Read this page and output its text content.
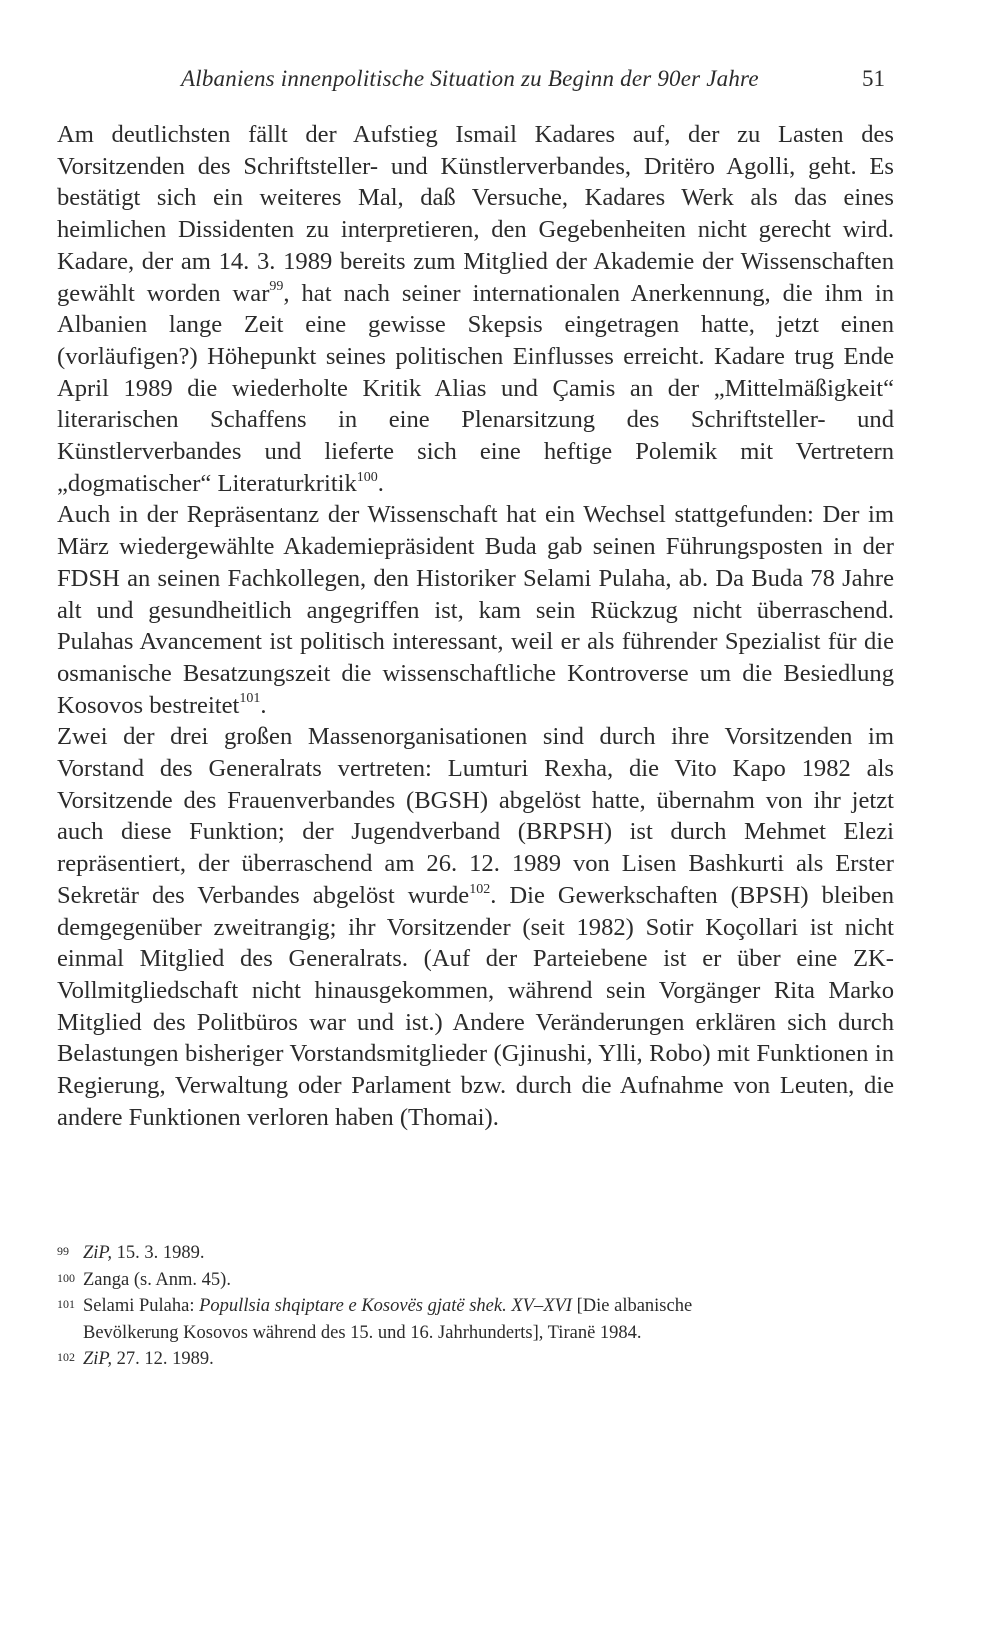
Albaniens innenpolitische Situation zu Beginn der 90er Jahre	51

Am deutlichsten fällt der Aufstieg Ismail Kadares auf, der zu Lasten des Vorsitzenden des Schriftsteller- und Künstlerverbandes, Dritëro Agolli, geht. Es bestätigt sich ein weiteres Mal, daß Versuche, Kadares Werk als das eines heimlichen Dissidenten zu interpretieren, den Gegebenheiten nicht gerecht wird. Kadare, der am 14. 3. 1989 bereits zum Mitglied der Akademie der Wissenschaften gewählt worden war$^{99}$, hat nach seiner internationalen Anerkennung, die ihm in Albanien lange Zeit eine gewisse Skepsis eingetragen hatte, jetzt einen (vorläufigen?) Höhepunkt seines politischen Einflusses erreicht. Kadare trug Ende April 1989 die wiederholte Kritik Alias und Çamis an der „Mittelmäßigkeit“ literarischen Schaffens in eine Plenarsitzung des Schriftsteller- und Künstlerverbandes und lieferte sich eine heftige Polemik mit Vertretern „dogmatischer“ Literaturkritik$^{100}$.

Auch in der Repräsentanz der Wissenschaft hat ein Wechsel stattgefunden: Der im März wiedergewählte Akademiepräsident Buda gab seinen Führungsposten in der FDSH an seinen Fachkollegen, den Historiker Selami Pulaha, ab. Da Buda 78 Jahre alt und gesundheitlich angegriffen ist, kam sein Rückzug nicht überraschend. Pulahas Avancement ist politisch interessant, weil er als führender Spezialist für die osmanische Besatzungszeit die wissenschaftliche Kontroverse um die Besiedlung Kosovos bestreitet$^{101}$.

Zwei der drei großen Massenorganisationen sind durch ihre Vorsitzenden im Vorstand des Generalrats vertreten: Lumturi Rexha, die Vito Kapo 1982 als Vorsitzende des Frauenverbandes (BGSH) abgelöst hatte, übernahm von ihr jetzt auch diese Funktion; der Jugendverband (BRPSH) ist durch Mehmet Elezi repräsentiert, der überraschend am 26. 12. 1989 von Lisen Bashkurti als Erster Sekretär des Verbandes abgelöst wurde$^{102}$. Die Gewerkschaften (BPSH) bleiben demgegenüber zweitrangig; ihr Vorsitzender (seit 1982) Sotir Koçollari ist nicht einmal Mitglied des Generalrats. (Auf der Parteiebene ist er über eine ZK-Vollmitgliedschaft nicht hinausgekommen, während sein Vorgänger Rita Marko Mitglied des Politbüros war und ist.) Andere Veränderungen erklären sich durch Belastungen bisheriger Vorstandsmitglieder (Gjinushi, Ylli, Robo) mit Funktionen in Regierung, Verwaltung oder Parlament bzw. durch die Aufnahme von Leuten, die andere Funktionen verloren haben (Thomai).

99 ZiP, 15. 3. 1989.

100 Zanga (s. Anm. 45).

101 Selami Pulaha: Popullsia shqiptare e Kosovës gjatë shek. XV–XVI [Die albanische
Bevölkerung Kosovos während des 15. und 16. Jahrhunderts], Tiranë 1984.

102 ZiP, 27. 12. 1989.
